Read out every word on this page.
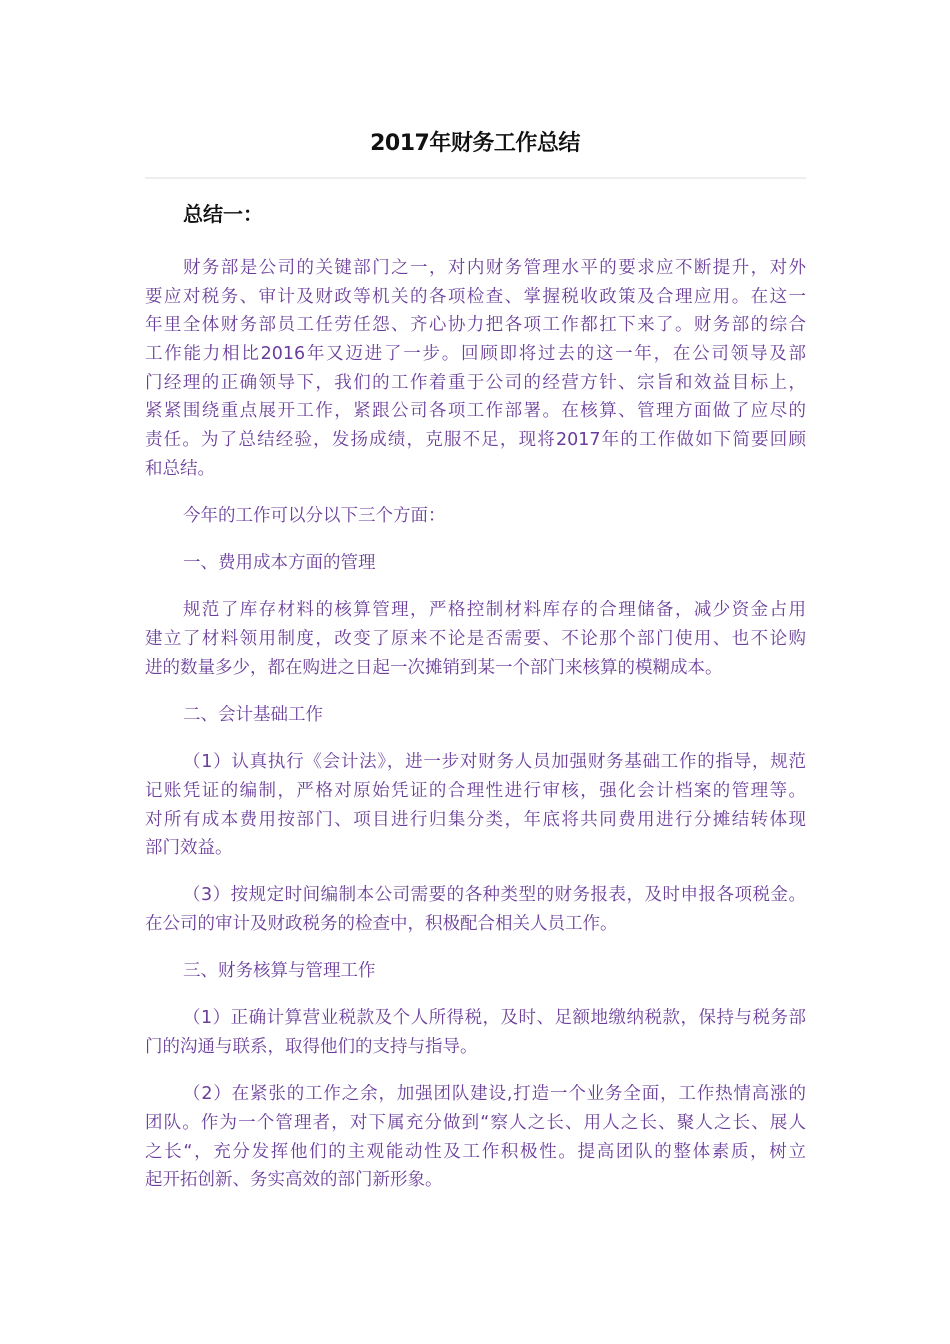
2017年财务工作总结
总结一：
财务部是公司的关键部门之一，对内财务管理水平的要求应不断提升，对外
要应对税务、审计及财政等机关的各项检查、掌握税收政策及合理应用。在这一
年里全体财务部员工任劳任怨、齐心协力把各项工作都扛下来了。财务部的综合
工作能力相比2016年又迈进了一步。回顾即将过去的这一年，在公司领导及部
门经理的正确领导下，我们的工作着重于公司的经营方针、宗旨和效益目标上，
紧紧围绕重点展开工作，紧跟公司各项工作部署。在核算、管理方面做了应尽的
责任。为了总结经验，发扬成绩，克服不足，现将2017年的工作做如下简要回顾
和总结。
今年的工作可以分以下三个方面：
一、费用成本方面的管理
规范了库存材料的核算管理，严格控制材料库存的合理储备，减少资金占用
建立了材料领用制度，改变了原来不论是否需要、不论那个部门使用、也不论购
进的数量多少，都在购进之日起一次摊销到某一个部门来核算的模糊成本。
二、会计基础工作
（1）认真执行《会计法》，进一步对财务人员加强财务基础工作的指导，规范
记账凭证的编制，严格对原始凭证的合理性进行审核，强化会计档案的管理等。
对所有成本费用按部门、项目进行归集分类，年底将共同费用进行分摊结转体现
部门效益。
（3）按规定时间编制本公司需要的各种类型的财务报表，及时申报各项税金。
在公司的审计及财政税务的检查中，积极配合相关人员工作。
三、财务核算与管理工作
（1）正确计算营业税款及个人所得税，及时、足额地缴纳税款，保持与税务部
门的沟通与联系，取得他们的支持与指导。
（2）在紧张的工作之余，加强团队建设,打造一个业务全面，工作热情高涨的
团队。作为一个管理者，对下属充分做到“察人之长、用人之长、聚人之长、展人
之长“，充分发挥他们的主观能动性及工作积极性。提高团队的整体素质，树立
起开拓创新、务实高效的部门新形象。
